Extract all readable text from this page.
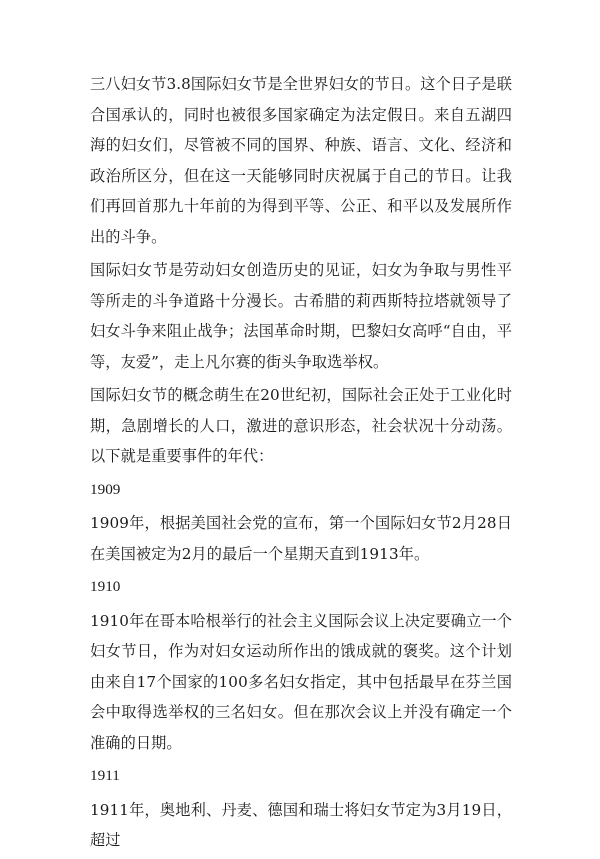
三八妇女节3.8国际妇女节是全世界妇女的节日。这个日子是联合国承认的，同时也被很多国家确定为法定假日。来自五湖四海的妇女们，尽管被不同的国界、种族、语言、文化、经济和政治所区分，但在这一天能够同时庆祝属于自己的节日。让我们再回首那九十年前的为得到平等、公正、和平以及发展所作出的斗争。

国际妇女节是劳动妇女创造历史的见证，妇女为争取与男性平等所走的斗争道路十分漫长。古希腊的莉西斯特拉塔就领导了妇女斗争来阻止战争；法国革命时期，巴黎妇女高呼“自由，平等，友爱”，走上凡尔赛的街头争取选举权。

国际妇女节的概念萌生在20世纪初，国际社会正处于工业化时期，急剧增长的人口，激进的意识形态，社会状况十分动荡。以下就是重要事件的年代：

1909

1909年，根据美国社会党的宣布，第一个国际妇女节2月28日在美国被定为2月的最后一个星期天直到1913年。

1910

1910年在哥本哈根举行的社会主义国际会议上决定要确立一个妇女节日，作为对妇女运动所作出的饿成就的褒奖。这个计划由来自17个国家的100多名妇女指定，其中包括最早在芬兰国会中取得选举权的三名妇女。但在那次会议上并没有确定一个准确的日期。

1911

1911年，奥地利、丹麦、德国和瑞士将妇女节定为3月19日，超过
